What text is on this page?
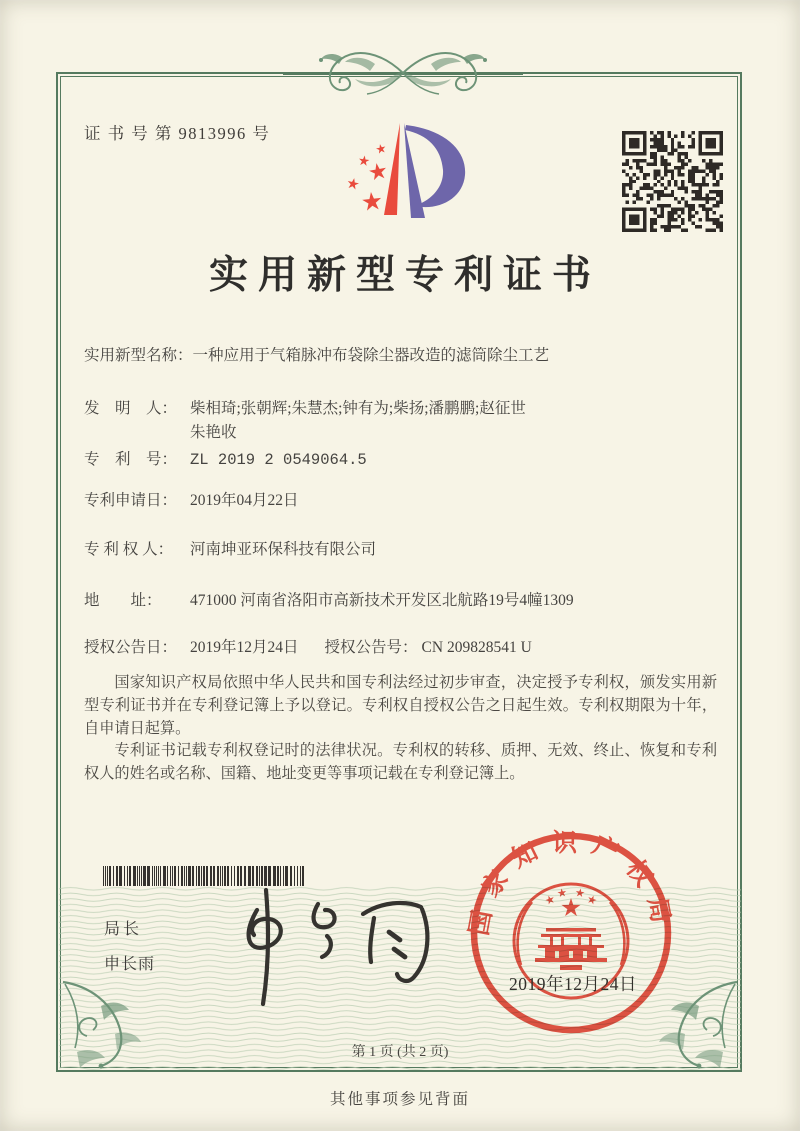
证 书 号 第 9813996 号
实用新型专利证书
实用新型名称： 一种应用于气箱脉冲布袋除尘器改造的滤筒除尘工艺
发　明　人： 柴相琦;张朝辉;朱慧杰;钟有为;柴扬;潘鹏鹏;赵征世
朱艳收
专　利　号： ZL 2019 2 0549064.5
专利申请日： 2019年04月22日
专 利 权 人：	河南坤亚环保科技有限公司
地　　址：	471000 河南省洛阳市高新技术开发区北航路19号4幢1309
授权公告日： 2019年12月24日 授权公告号： CN 209828541 U

国家知识产权局依照中华人民共和国专利法经过初步审查，决定授予专利权，颁发实用新型专利证书并在专利登记簿上予以登记。专利权自授权公告之日起生效。专利权期限为十年，自申请日起算。

专利证书记载专利权登记时的法律状况。专利权的转移、质押、无效、终止、恢复和专利权人的姓名或名称、国籍、地址变更等事项记载在专利登记簿上。

局长
申长雨
国家知识产权局
2019年12月24日
第 1 页 (共 2 页)
其他事项参见背面
